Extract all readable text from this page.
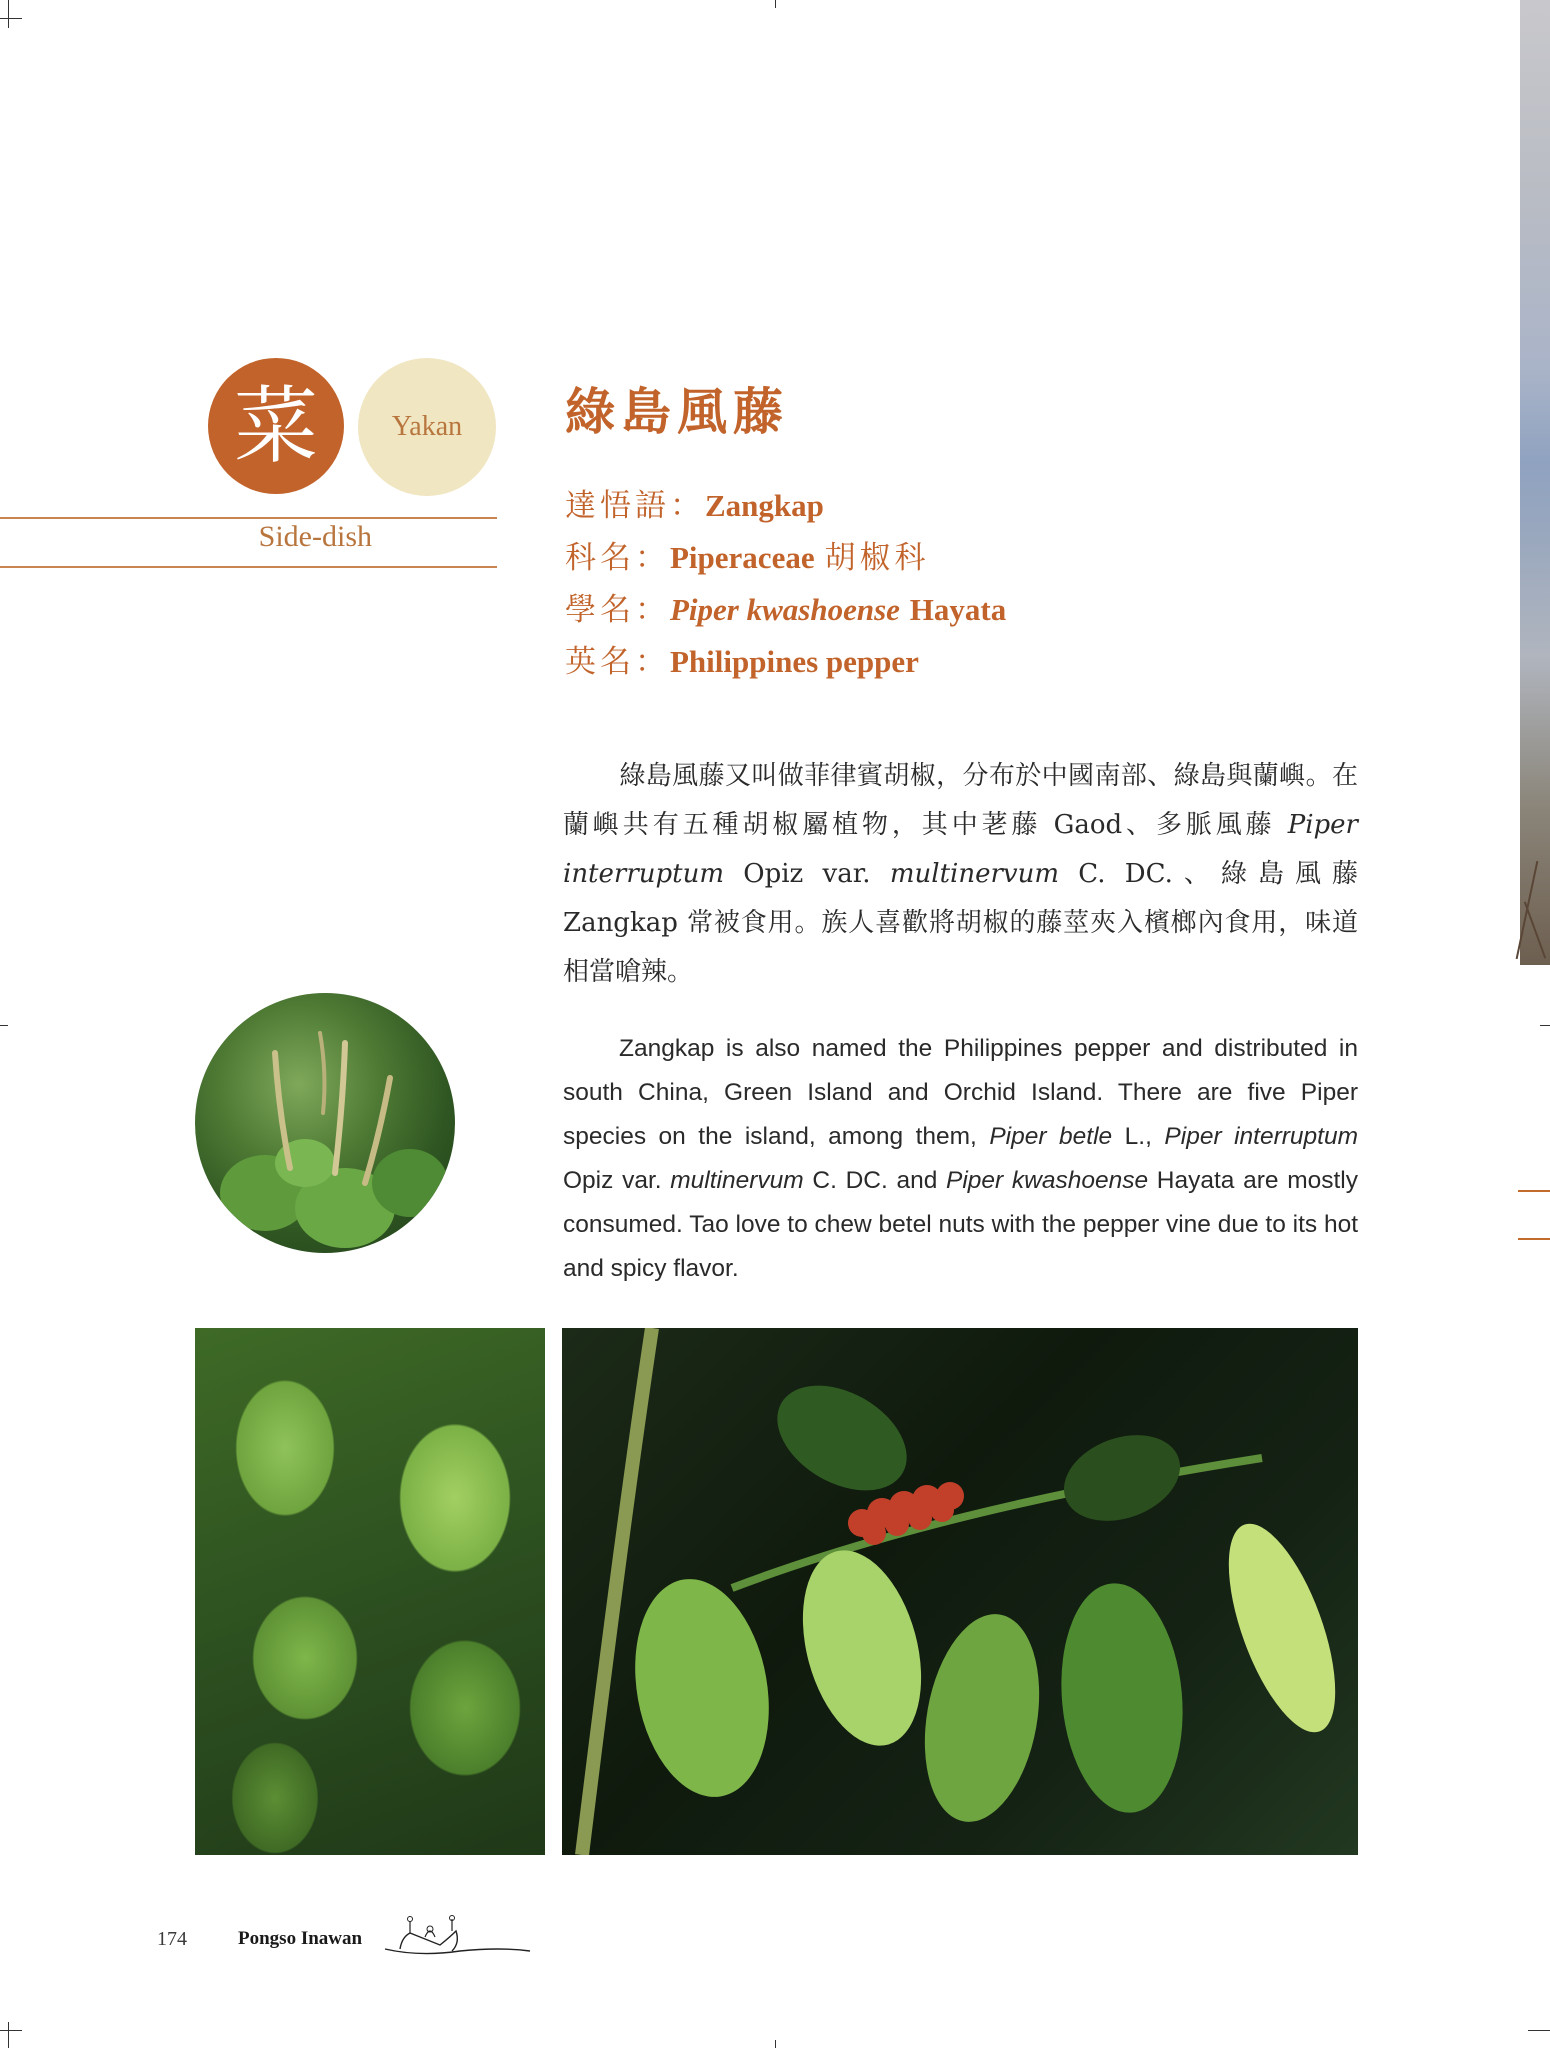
菜	Yakan
Side-dish
綠島風藤
達悟語：Zangkap
科名：Piperaceae 胡椒科
學名：Piper kwashoense Hayata
英名：Philippines pepper

綠島風藤又叫做菲律賓胡椒，分布於中國南部、綠島與蘭嶼。在蘭嶼共有五種胡椒屬植物，其中荖藤 Gaod、多脈風藤 Piper interruptum Opiz var. multinervum C. DC.、綠島風藤 Zangkap 常被食用。族人喜歡將胡椒的藤莖夾入檳榔內食用，味道相當嗆辣。

Zangkap is also named the Philippines pepper and distributed in south China, Green Island and Orchid Island. There are five Piper species on the island, among them, Piper betle L., Piper interruptum Opiz var. multinervum C. DC. and Piper kwashoense Hayata are mostly consumed. Tao love to chew betel nuts with the pepper vine due to its hot and spicy flavor.

174	Pongso Inawan
